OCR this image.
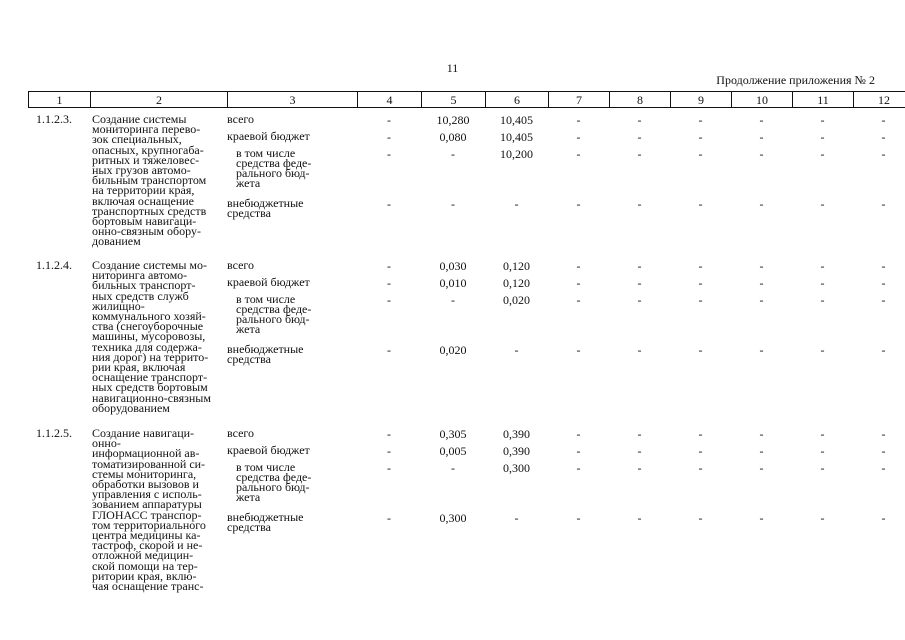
11
Продолжение приложения № 2
1	2	3	4	5	6	7	8	9	10	11	12
1.1.2.3.	Создание системы
мониторинга перево-
зок специальных,
опасных, крупногаба-
ритных и тяжеловес-
ных грузов автомо-
бильным транспортом
на территории края,
включая оснащение
транспортных средств
бортовым навигаци-
онно-связным обору-
дованием
всего	-	10,280	10,405	-	-	-	-	-	-
краевой бюджет	-	0,080	10,405	-	-	-	-	-	-
в том числе
средства феде-
рального бюд-
жета
-	-	10,200	-	-	-	-	-	-
внебюджетные
средства
-	-	-	-	-	-	-	-	-
1.1.2.4.	Создание системы мо-
ниторинга автомо-
бильных транспорт-
ных средств служб
жилищно-
коммунального хозяй-
ства (снегоуборочные
машины, мусоровозы,
техника для содержа-
ния дорог) на террито-
рии края, включая
оснащение транспорт-
ных средств бортовым
навигационно-связным
оборудованием
всего	-	0,030	0,120	-	-	-	-	-	-
краевой бюджет	-	0,010	0,120	-	-	-	-	-	-
в том числе
средства феде-
рального бюд-
жета
-	-	0,020	-	-	-	-	-	-
внебюджетные
средства
-	0,020	-	-	-	-	-	-	-
1.1.2.5.	Создание навигаци-
онно-
информационной ав-
томатизированной си-
стемы мониторинга,
обработки вызовов и
управления с исполь-
зованием аппаратуры
ГЛОНАСС транспор-
том территориального
центра медицины ка-
тастроф, скорой и не-
отложной медицин-
ской помощи на тер-
ритории края, вклю-
чая оснащение транс-
всего	-	0,305	0,390	-	-	-	-	-	-
краевой бюджет	-	0,005	0,390	-	-	-	-	-	-
в том числе
средства феде-
рального бюд-
жета
-	-	0,300	-	-	-	-	-	-
внебюджетные
средства
-	0,300	-	-	-	-	-	-	-
